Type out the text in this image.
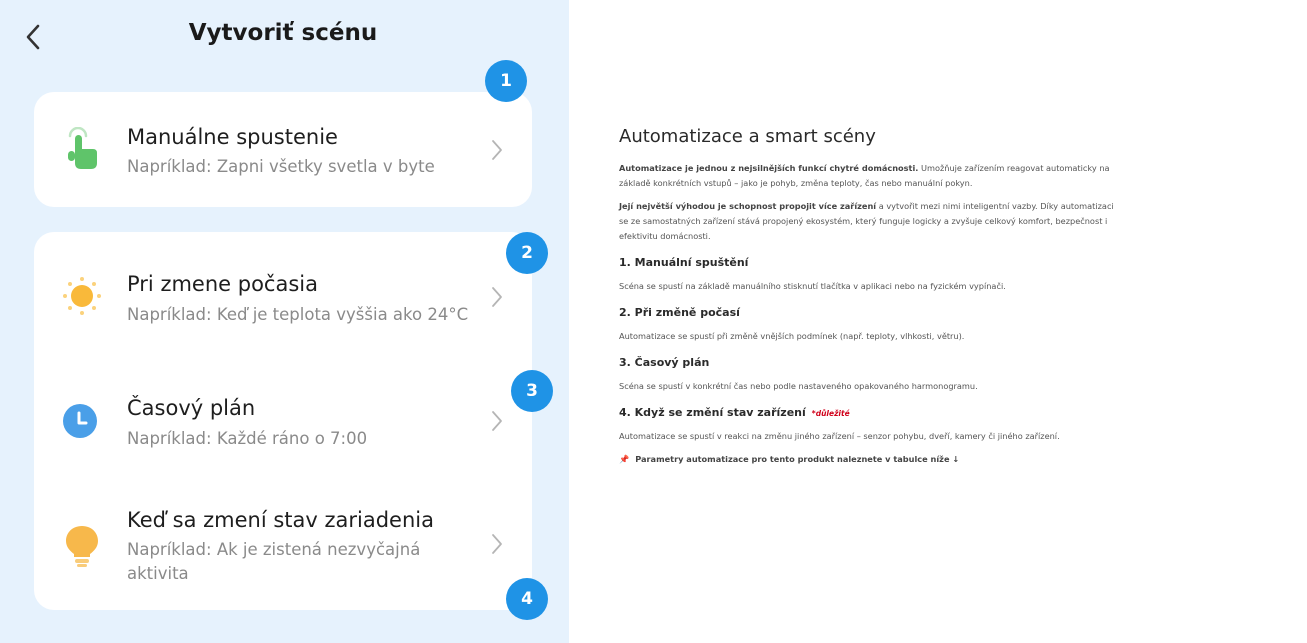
Vytvoriť scénu
Manuálne spustenie
Napríklad: Zapni všetky svetla v byte
Pri zmene počasia
Napríklad: Keď je teplota vyššia ako 24°C
Časový plán
Napríklad: Každé ráno o 7:00
Keď sa zmení stav zariadenia
Napríklad: Ak je zistená nezvyčajná aktivita
1
2
3
4
Automatizace a smart scény

Automatizace je jednou z nejsilnějších funkcí chytré domácnosti. Umožňuje zařízením reagovat automaticky na základě konkrétních vstupů – jako je pohyb, změna teploty, čas nebo manuální pokyn.

Její největší výhodou je schopnost propojit více zařízení a vytvořit mezi nimi inteligentní vazby. Díky automatizaci se ze samostatných zařízení stává propojený ekosystém, který funguje logicky a zvyšuje celkový komfort, bezpečnost i efektivitu domácnosti.

1. Manuální spuštění

Scéna se spustí na základě manuálního stisknutí tlačítka v aplikaci nebo na fyzickém vypínači.

2. Při změně počasí

Automatizace se spustí při změně vnějších podmínek (např. teploty, vlhkosti, větru).

3. Časový plán

Scéna se spustí v konkrétní čas nebo podle nastaveného opakovaného harmonogramu.

4. Když se změní stav zařízení *důležité

Automatizace se spustí v reakci na změnu jiného zařízení – senzor pohybu, dveří, kamery či jiného zařízení.

📌 Parametry automatizace pro tento produkt naleznete v tabulce níže ↓
